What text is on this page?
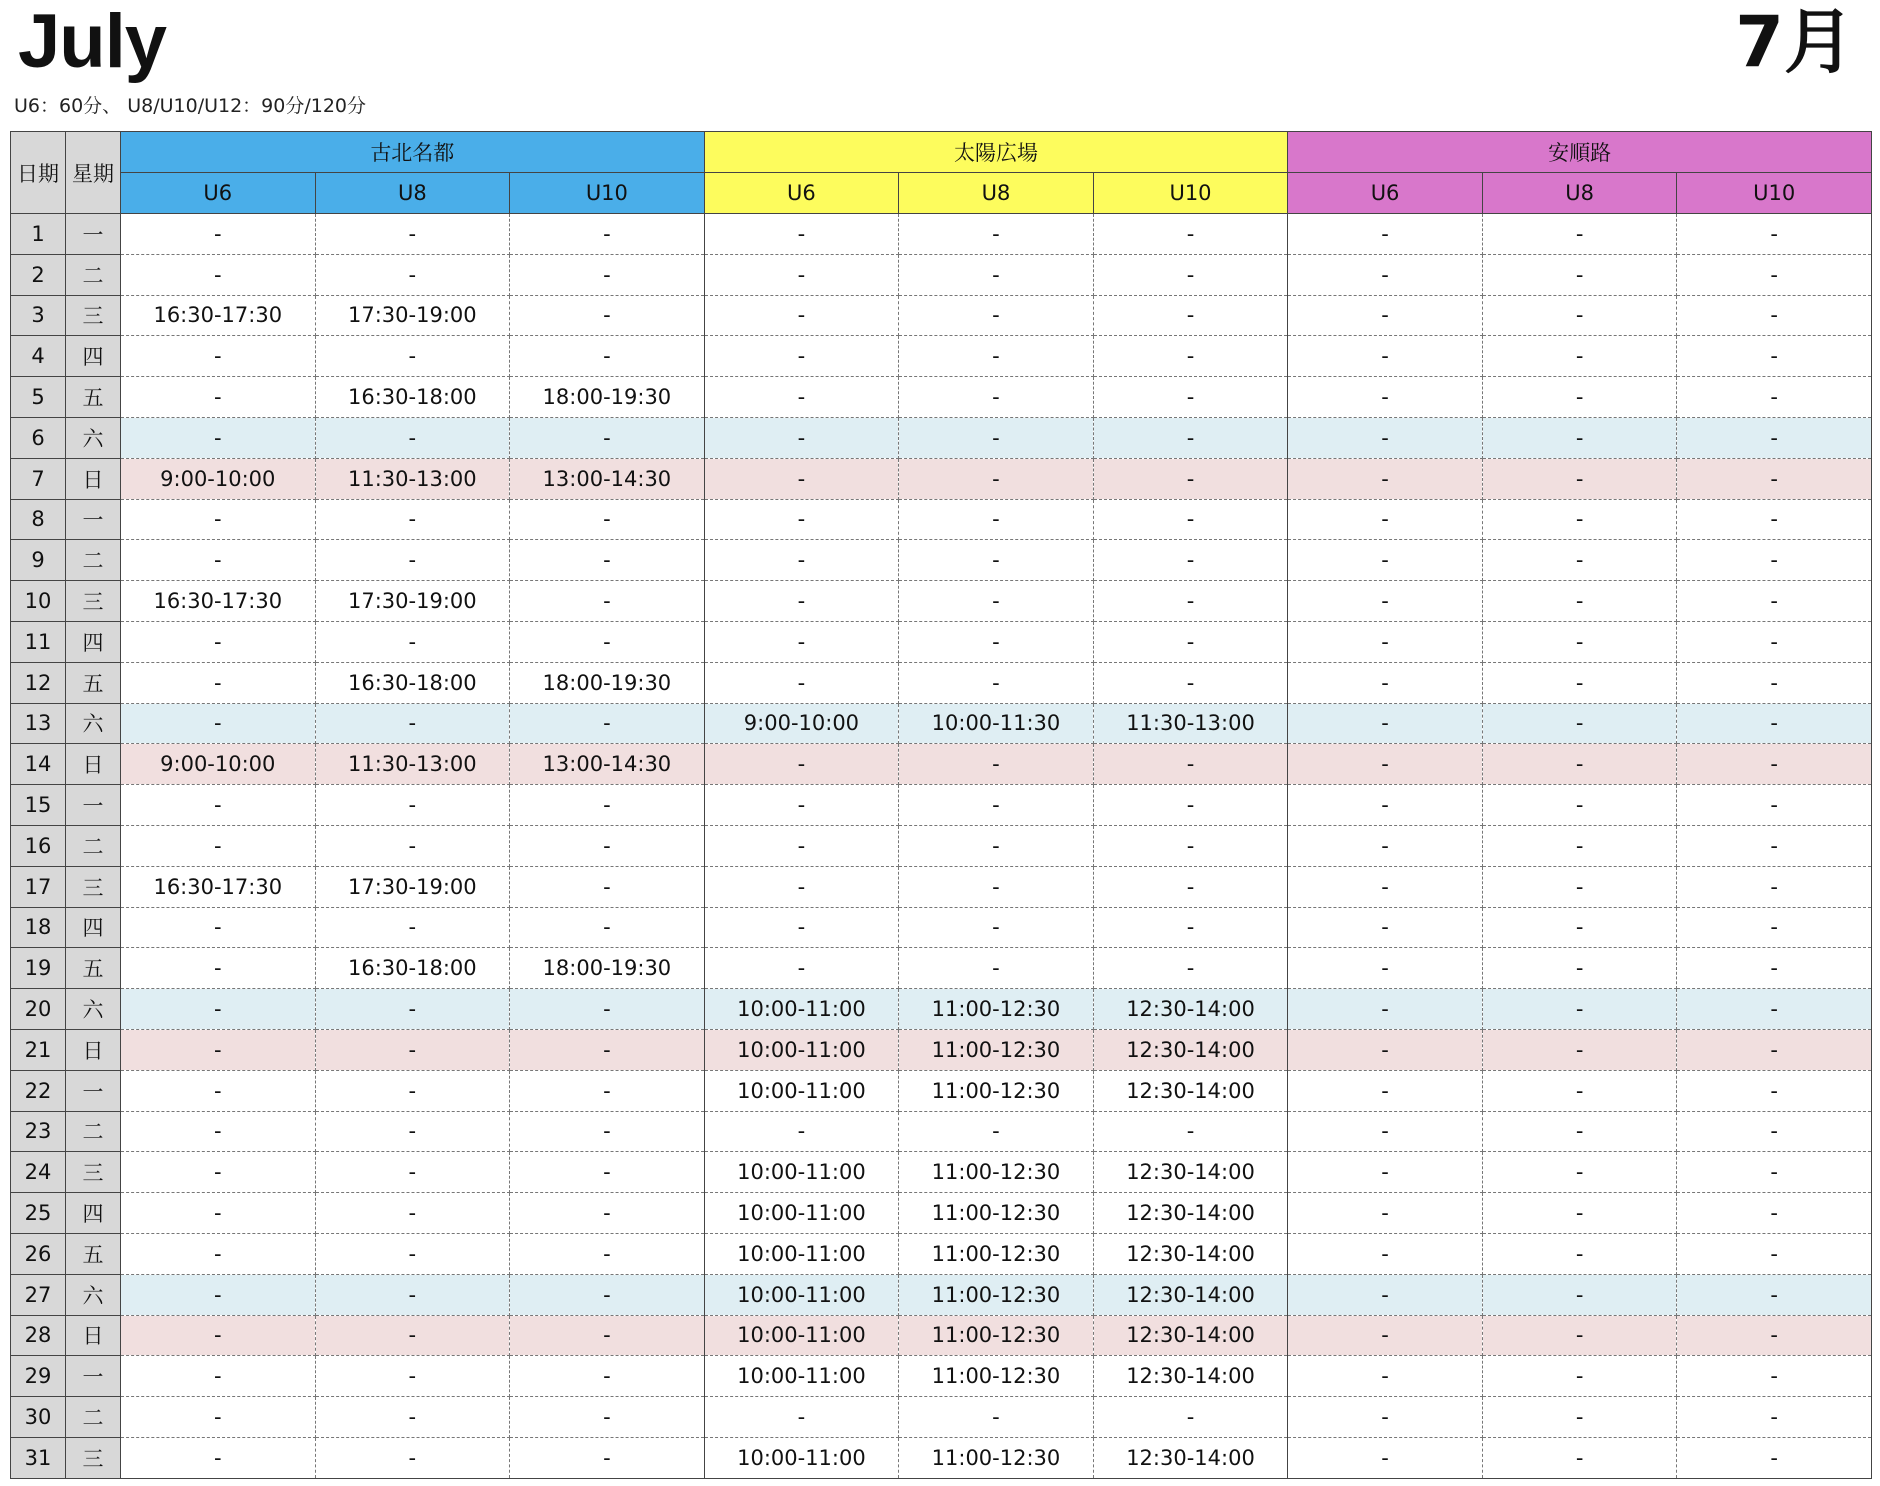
July	7月
U6：60分、 U8/U10/U12：90分/120分
日期	星期	古北名都			太陽広場			安順路		
		U6	U8	U10	U6	U8	U10	U6	U8	U10
1	一	-	-	-	-	-	-	-	-	-
2	二	-	-	-	-	-	-	-	-	-
3	三	16:30-17:30	17:30-19:00	-	-	-	-	-	-	-
4	四	-	-	-	-	-	-	-	-	-
5	五	-	16:30-18:00	18:00-19:30	-	-	-	-	-	-
6	六	-	-	-	-	-	-	-	-	-
7	日	9:00-10:00	11:30-13:00	13:00-14:30	-	-	-	-	-	-
8	一	-	-	-	-	-	-	-	-	-
9	二	-	-	-	-	-	-	-	-	-
10	三	16:30-17:30	17:30-19:00	-	-	-	-	-	-	-
11	四	-	-	-	-	-	-	-	-	-
12	五	-	16:30-18:00	18:00-19:30	-	-	-	-	-	-
13	六	-	-	-	9:00-10:00	10:00-11:30	11:30-13:00	-	-	-
14	日	9:00-10:00	11:30-13:00	13:00-14:30	-	-	-	-	-	-
15	一	-	-	-	-	-	-	-	-	-
16	二	-	-	-	-	-	-	-	-	-
17	三	16:30-17:30	17:30-19:00	-	-	-	-	-	-	-
18	四	-	-	-	-	-	-	-	-	-
19	五	-	16:30-18:00	18:00-19:30	-	-	-	-	-	-
20	六	-	-	-	10:00-11:00	11:00-12:30	12:30-14:00	-	-	-
21	日	-	-	-	10:00-11:00	11:00-12:30	12:30-14:00	-	-	-
22	一	-	-	-	10:00-11:00	11:00-12:30	12:30-14:00	-	-	-
23	二	-	-	-	-	-	-	-	-	-
24	三	-	-	-	10:00-11:00	11:00-12:30	12:30-14:00	-	-	-
25	四	-	-	-	10:00-11:00	11:00-12:30	12:30-14:00	-	-	-
26	五	-	-	-	10:00-11:00	11:00-12:30	12:30-14:00	-	-	-
27	六	-	-	-	10:00-11:00	11:00-12:30	12:30-14:00	-	-	-
28	日	-	-	-	10:00-11:00	11:00-12:30	12:30-14:00	-	-	-
29	一	-	-	-	10:00-11:00	11:00-12:30	12:30-14:00	-	-	-
30	二	-	-	-	-	-	-	-	-	-
31	三	-	-	-	10:00-11:00	11:00-12:30	12:30-14:00	-	-	-
